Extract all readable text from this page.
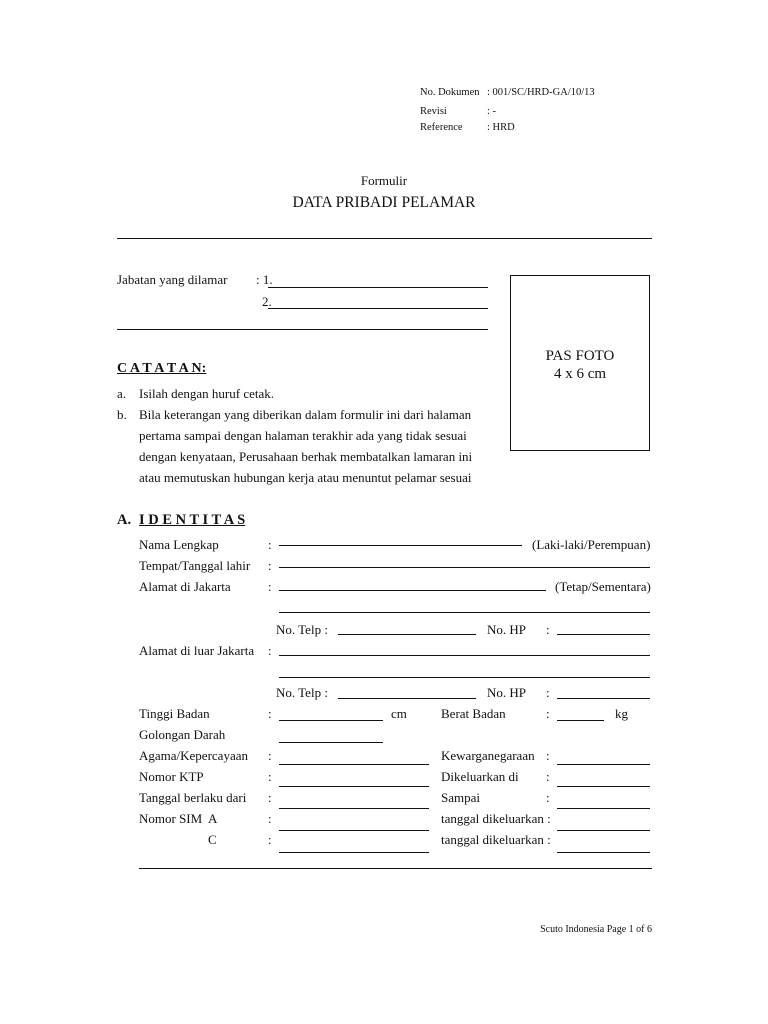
No. Dokumen : 001/SC/HRD-GA/10/13
Revisi	: -
Reference : HRD
Formulir
DATA PRIBADI PELAMAR
Jabatan yang dilamar : 1.
2.
PAS FOTO
4 x 6 cm
C A T A T A N:
a. Isilah dengan huruf cetak.
b. Bila keterangan yang diberikan dalam formulir ini dari halaman
pertama sampai dengan halaman terakhir ada yang tidak sesuai
dengan kenyataan, Perusahaan berhak membatalkan lamaran ini
atau memutuskan hubungan kerja atau menuntut pelamar sesuai
A. I D E N T I T A S
Nama Lengkap	:	(Laki-laki/Perempuan)
Tempat/Tanggal lahir :
Alamat di Jakarta	:	(Tetap/Sementara)
No. Telp :	No. HP :
Alamat di luar Jakarta :
No. Telp :	No. HP :
Tinggi Badan	:	cm	Berat Badan	:	kg
Golongan Darah
Agama/Kepercayaan :	Kewarganegaraan :
Nomor KTP	:	Dikeluarkan di :
Tanggal berlaku dari :	Sampai	:
Nomor SIM A	:	tanggal dikeluarkan :
C	:	tanggal dikeluarkan :
Scuto Indonesia Page 1 of 6
